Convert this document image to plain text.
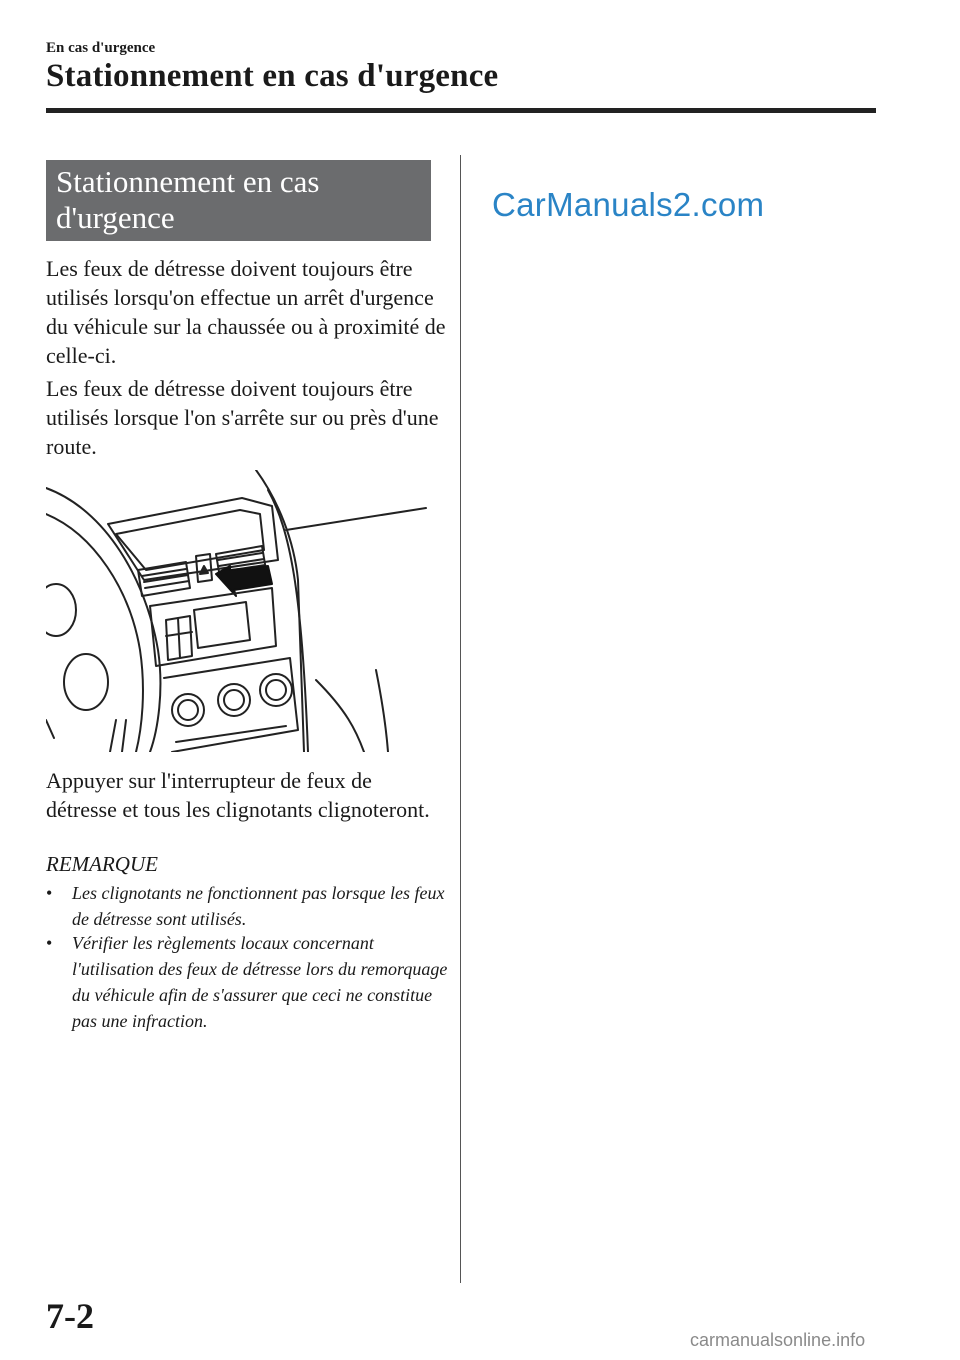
En cas d'urgence
Stationnement en cas d'urgence
Stationnement en cas d'urgence
Les feux de détresse doivent toujours être utilisés lorsqu'on effectue un arrêt d'urgence du véhicule sur la chaussée ou à proximité de celle-ci.
Les feux de détresse doivent toujours être utilisés lorsque l'on s'arrête sur ou près d'une route.
Appuyer sur l'interrupteur de feux de détresse et tous les clignotants clignoteront.
REMARQUE
• Les clignotants ne fonctionnent pas lorsque les feux de détresse sont utilisés.
• Vérifier les règlements locaux concernant l'utilisation des feux de détresse lors du remorquage du véhicule afin de s'assurer que ceci ne constitue pas une infraction.
CarManuals2.com
7-2
carmanualsonline.info
